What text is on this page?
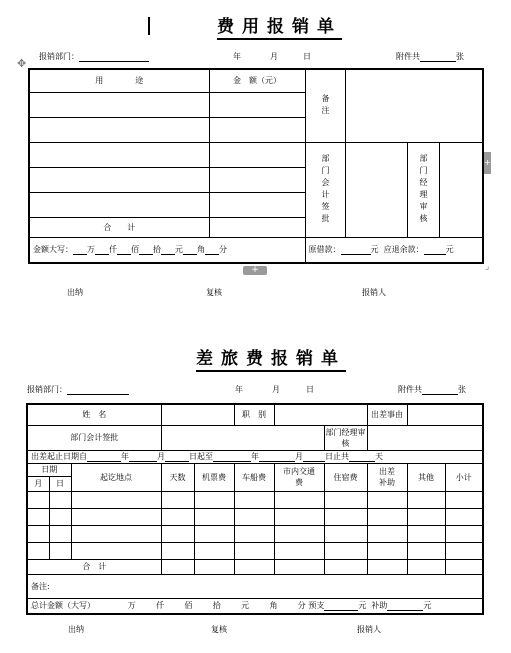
费用报销单
报销部门：	年	月	日	附件共	张
✥
用　　　　途	金　额（元）	备注			

		部门会计签批		部门经理审核	

合　　计					
金额大写： 万 仟 佰 拾 元 角 分		原借款： 元 应退余款： 元			
+
+
⌟
出纳	复核	报销人
差旅费报销单
报销部门：	年	月	日	附件共	张
姓　名					职　别			出差事由		
部门会计签批							部门经理审核			
出差起止日期自 年 月 日起至 年 月 日止共 天										
日期		起讫地点	天数	机票费	车船费	市内交通费	住宿费	出差补助	其他	小计
月	日									

合　计										
备注:										
总计金额（大写） 万 仟 佰 拾 元 角 分 预支 元 补助 元										
出纳	复核	报销人
